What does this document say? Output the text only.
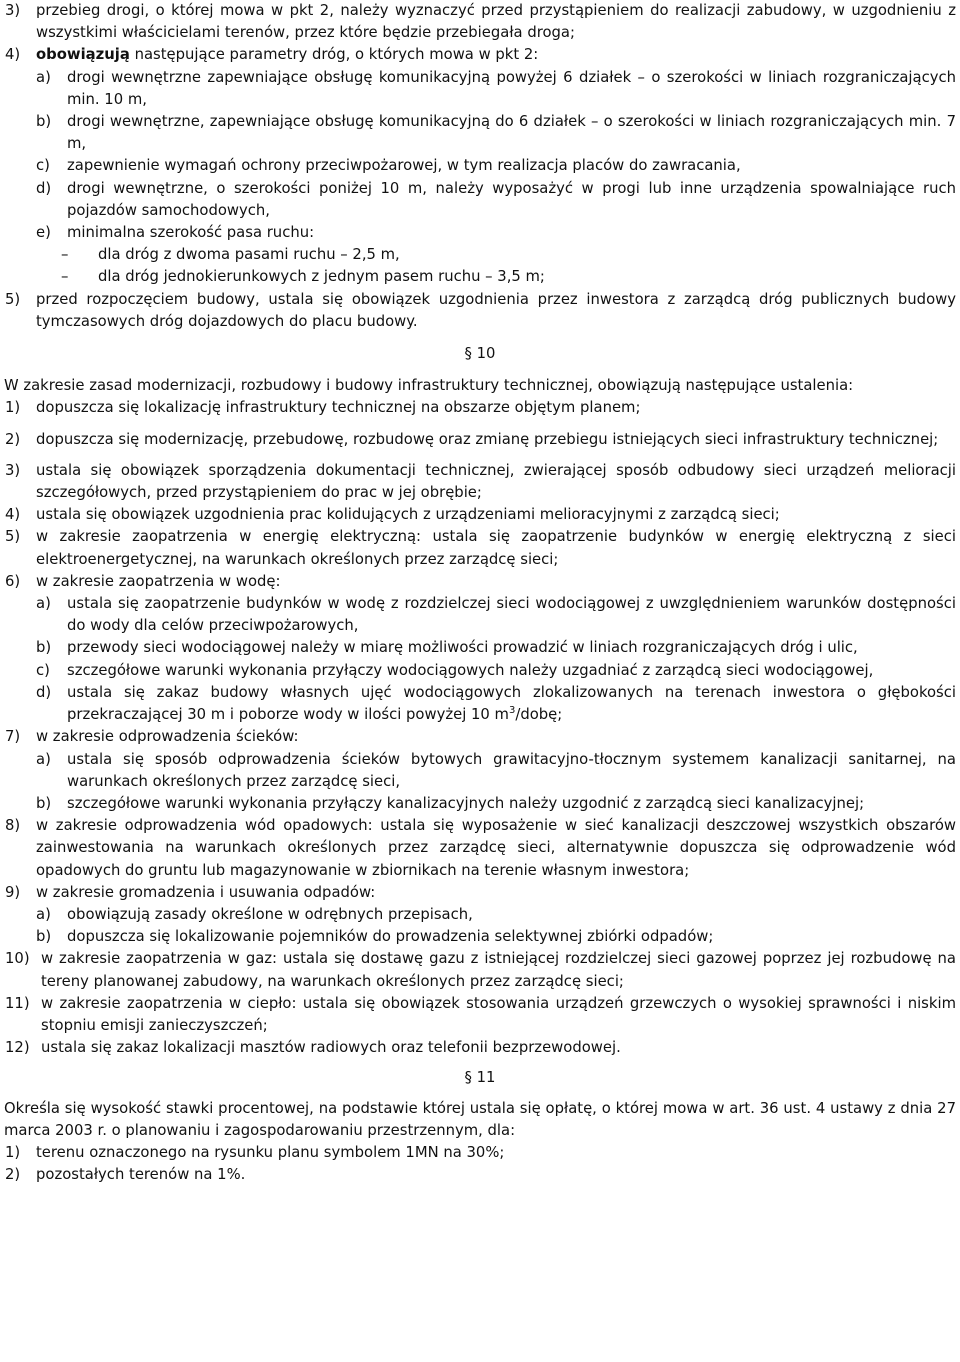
3) przebieg drogi, o której mowa w pkt 2, należy wyznaczyć przed przystąpieniem do realizacji zabudowy, w uzgodnieniu z wszystkimi właścicielami terenów, przez które będzie przebiegała droga;
4) obowiązują następujące parametry dróg, o których mowa w pkt 2:
a) drogi wewnętrzne zapewniające obsługę komunikacyjną powyżej 6 działek – o szerokości w liniach rozgraniczających min. 10 m,
b) drogi wewnętrzne, zapewniające obsługę komunikacyjną do 6 działek – o szerokości w liniach rozgraniczających min. 7 m,
c) zapewnienie wymagań ochrony przeciwpożarowej, w tym realizacja placów do zawracania,
d) drogi wewnętrzne, o szerokości poniżej 10 m, należy wyposażyć w progi lub inne urządzenia spowalniające ruch pojazdów samochodowych,
e) minimalna szerokość pasa ruchu:
– dla dróg z dwoma pasami ruchu – 2,5 m,
– dla dróg jednokierunkowych z jednym pasem ruchu – 3,5 m;
5) przed rozpoczęciem budowy, ustala się obowiązek uzgodnienia przez inwestora z zarządcą dróg publicznych budowy tymczasowych dróg dojazdowych do placu budowy.

§ 10

W zakresie zasad modernizacji, rozbudowy i budowy infrastruktury technicznej, obowiązują następujące ustalenia:

1) dopuszcza się lokalizację infrastruktury technicznej na obszarze objętym planem;
2) dopuszcza się modernizację, przebudowę, rozbudowę oraz zmianę przebiegu istniejących sieci infrastruktury technicznej;
3) ustala się obowiązek sporządzenia dokumentacji technicznej, zwierającej sposób odbudowy sieci urządzeń melioracji szczegółowych, przed przystąpieniem do prac w jej obrębie;
4) ustala się obowiązek uzgodnienia prac kolidujących z urządzeniami melioracyjnymi z zarządcą sieci;
5) w zakresie zaopatrzenia w energię elektryczną: ustala się zaopatrzenie budynków w energię elektryczną z sieci elektroenergetycznej, na warunkach określonych przez zarządcę sieci;
6) w zakresie zaopatrzenia w wodę:
a) ustala się zaopatrzenie budynków w wodę z rozdzielczej sieci wodociągowej z uwzględnieniem warunków dostępności do wody dla celów przeciwpożarowych,
b) przewody sieci wodociągowej należy w miarę możliwości prowadzić w liniach rozgraniczających dróg i ulic,
c) szczegółowe warunki wykonania przyłączy wodociągowych należy uzgadniać z zarządcą sieci wodociągowej,
d) ustala się zakaz budowy własnych ujęć wodociągowych zlokalizowanych na terenach inwestora o głębokości przekraczającej 30 m i poborze wody w ilości powyżej 10 $m^3$/dobę;
7) w zakresie odprowadzenia ścieków:
a) ustala się sposób odprowadzenia ścieków bytowych grawitacyjno-tłocznym systemem kanalizacji sanitarnej, na warunkach określonych przez zarządcę sieci,
b) szczegółowe warunki wykonania przyłączy kanalizacyjnych należy uzgodnić z zarządcą sieci kanalizacyjnej;
8) w zakresie odprowadzenia wód opadowych: ustala się wyposażenie w sieć kanalizacji deszczowej wszystkich obszarów zainwestowania na warunkach określonych przez zarządcę sieci, alternatywnie dopuszcza się odprowadzenie wód opadowych do gruntu lub magazynowanie w zbiornikach na terenie własnym inwestora;
9) w zakresie gromadzenia i usuwania odpadów:
a) obowiązują zasady określone w odrębnych przepisach,
b) dopuszcza się lokalizowanie pojemników do prowadzenia selektywnej zbiórki odpadów;
10) w zakresie zaopatrzenia w gaz: ustala się dostawę gazu z istniejącej rozdzielczej sieci gazowej poprzez jej rozbudowę na tereny planowanej zabudowy, na warunkach określonych przez zarządcę sieci;
11) w zakresie zaopatrzenia w ciepło: ustala się obowiązek stosowania urządzeń grzewczych o wysokiej sprawności i niskim stopniu emisji zanieczyszczeń;
12) ustala się zakaz lokalizacji masztów radiowych oraz telefonii bezprzewodowej.

§ 11

Określa się wysokość stawki procentowej, na podstawie której ustala się opłatę, o której mowa w art. 36 ust. 4 ustawy z dnia 27 marca 2003 r. o planowaniu i zagospodarowaniu przestrzennym, dla:

1) terenu oznaczonego na rysunku planu symbolem 1MN na 30%;
2) pozostałych terenów na 1%.
